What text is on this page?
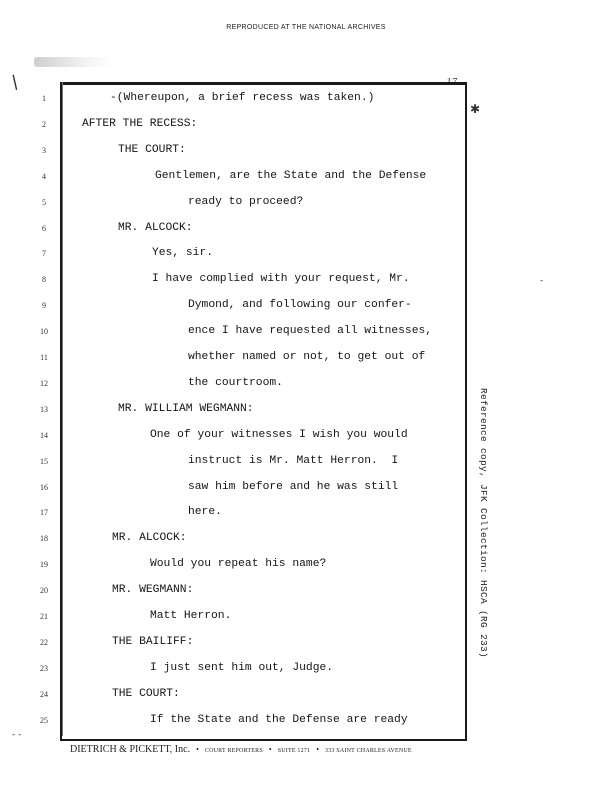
REPRODUCED AT THE NATIONAL ARCHIVES
/
-
- -
✱
17
1	-(Whereupon, a brief recess was taken.)
2	AFTER THE RECESS:
3	THE COURT:
4	Gentlemen, are the State and the Defense
5	ready to proceed?
6	MR. ALCOCK:
7	Yes, sir.
8	I have complied with your request, Mr.
9	Dymond, and following our confer-
10	ence I have requested all witnesses,
11	whether named or not, to get out of
12	the courtroom.
13	MR. WILLIAM WEGMANN:
14	One of your witnesses I wish you would
15	instruct is Mr. Matt Herron.  I
16	saw him before and he was still
17	here.
18	MR. ALCOCK:
19	Would you repeat his name?
20	MR. WEGMANN:
21	Matt Herron.
22	THE BAILIFF:
23	I just sent him out, Judge.
24	THE COURT:
25	If the State and the Defense are ready
Reference copy, JFK Collection: HSCA (RG 233)
DIETRICH & PICKETT, Inc. • COURT REPORTERS • SUITE 1271 • 333 SAINT CHARLES AVENUE
